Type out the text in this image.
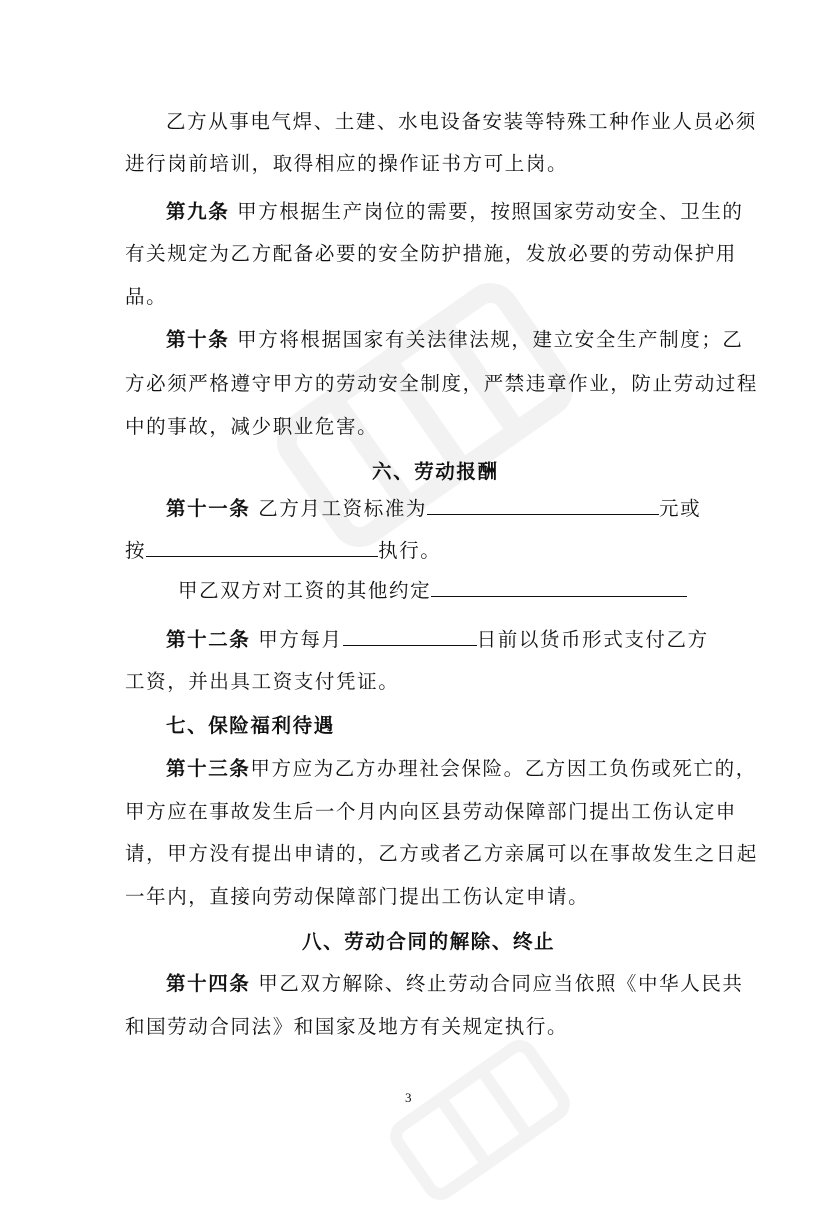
乙方从事电气焊、土建、水电设备安装等特殊工种作业人员必须
进行岗前培训，取得相应的操作证书方可上岗。
第九条 甲方根据生产岗位的需要，按照国家劳动安全、卫生的
有关规定为乙方配备必要的安全防护措施，发放必要的劳动保护用
品。
第十条 甲方将根据国家有关法律法规，建立安全生产制度；乙
方必须严格遵守甲方的劳动安全制度，严禁违章作业，防止劳动过程
中的事故，减少职业危害。
六、劳动报酬
第十一条 乙方月工资标准为	元或
按	执行。
甲乙双方对工资的其他约定
第十二条 甲方每月	日前以货币形式支付乙方
工资，并出具工资支付凭证。
七、保险福利待遇
第十三条甲方应为乙方办理社会保险。乙方因工负伤或死亡的，
甲方应在事故发生后一个月内向区县劳动保障部门提出工伤认定申
请，甲方没有提出申请的，乙方或者乙方亲属可以在事故发生之日起
一年内，直接向劳动保障部门提出工伤认定申请。
八、劳动合同的解除、终止
第十四条 甲乙双方解除、终止劳动合同应当依照《中华人民共
和国劳动合同法》和国家及地方有关规定执行。
3
